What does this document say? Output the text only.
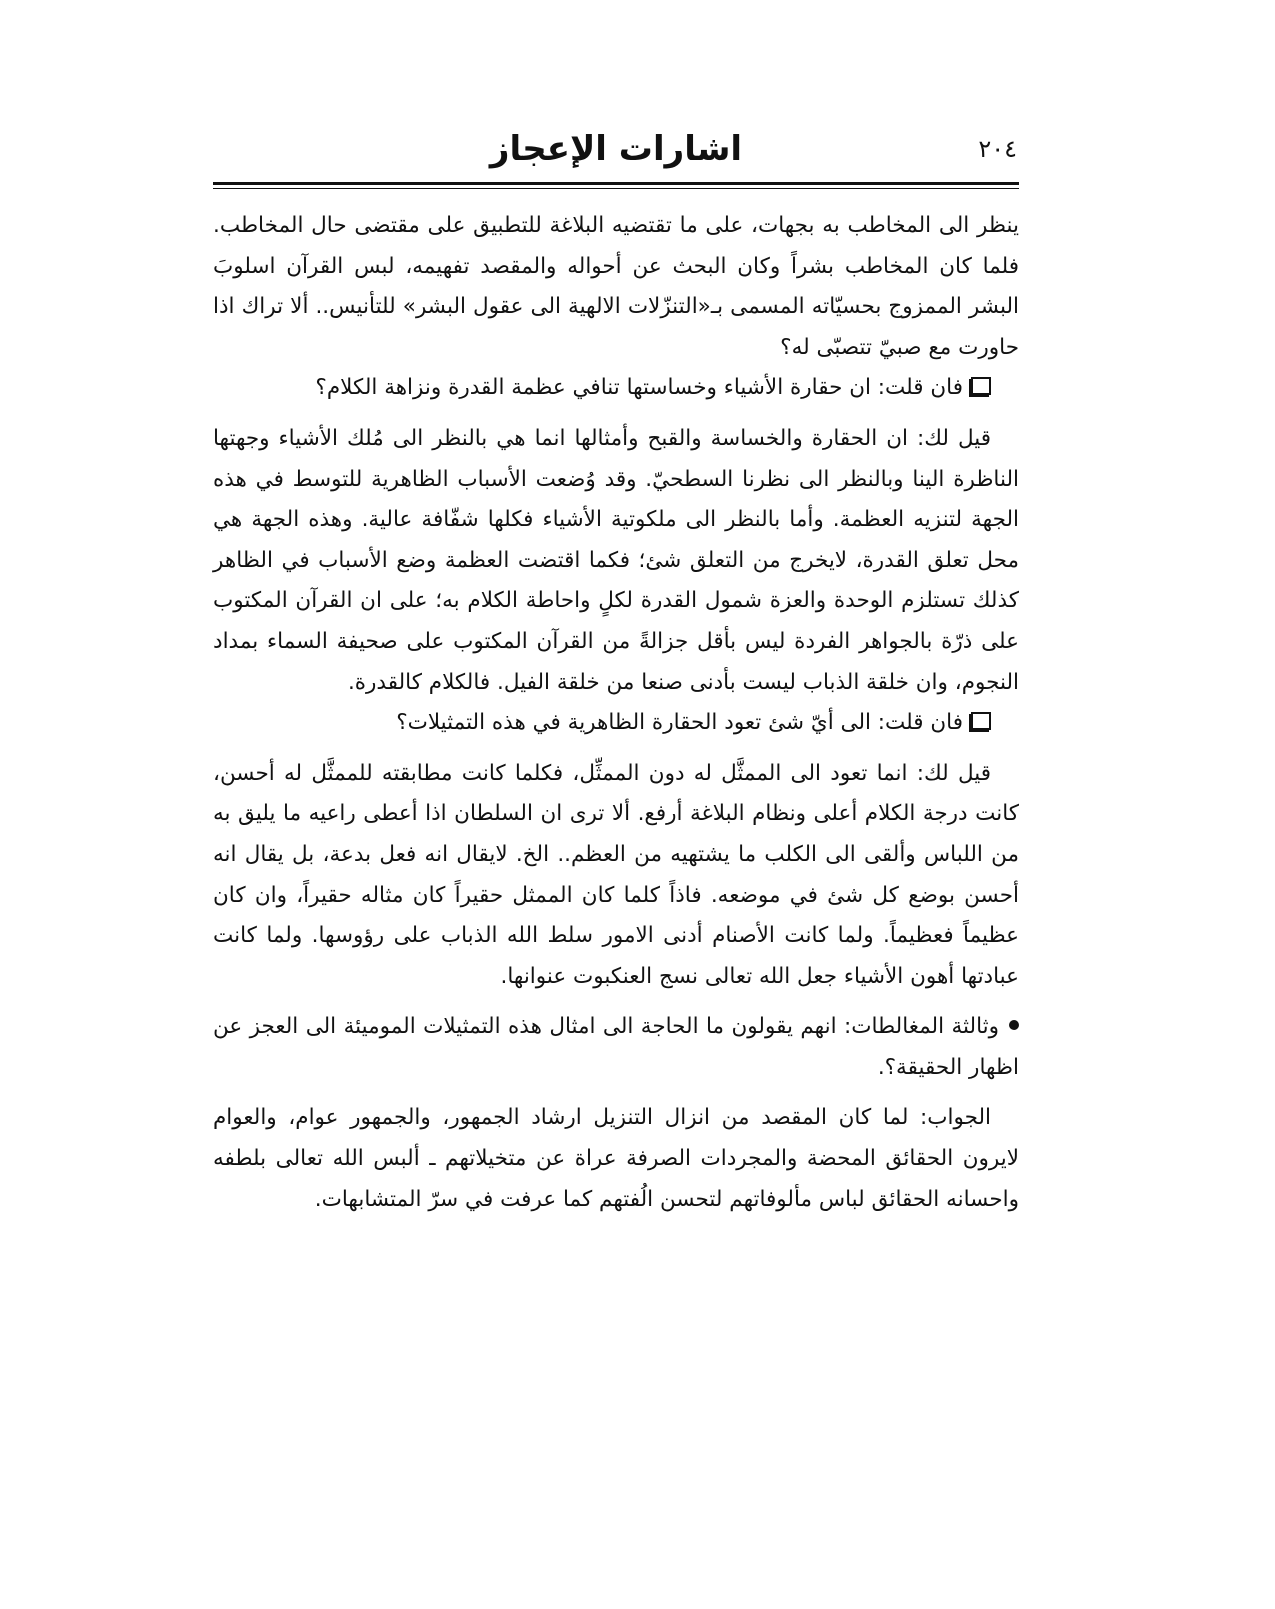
اشارات الإعجاز	٢٠٤

ينظر الى المخاطب به بجهات، على ما تقتضيه البلاغة للتطبيق على مقتضى حال المخاطب. فلما كان المخاطب بشراً وكان البحث عن أحواله والمقصد تفهيمه، لبس القرآن اسلوبَ البشر الممزوج بحسيّاته المسمى بـ«التنزّلات الالهية الى عقول البشر» للتأنيس.. ألا تراك اذا حاورت مع صبيّ تتصبّى له؟

فان قلت: ان حقارة الأشياء وخساستها تنافي عظمة القدرة ونزاهة الكلام؟

قيل لك: ان الحقارة والخساسة والقبح وأمثالها انما هي بالنظر الى مُلك الأشياء وجهتها الناظرة الينا وبالنظر الى نظرنا السطحيّ. وقد وُضعت الأسباب الظاهرية للتوسط في هذه الجهة لتنزيه العظمة. وأما بالنظر الى ملكوتية الأشياء فكلها شفّافة عالية. وهذه الجهة هي محل تعلق القدرة، لايخرج من التعلق شئ؛ فكما اقتضت العظمة وضع الأسباب في الظاهر كذلك تستلزم الوحدة والعزة شمول القدرة لكلٍ واحاطة الكلام به؛ على ان القرآن المكتوب على ذرّة بالجواهر الفردة ليس بأقل جزالةً من القرآن المكتوب على صحيفة السماء بمداد النجوم، وان خلقة الذباب ليست بأدنى صنعا من خلقة الفيل. فالكلام كالقدرة.

فان قلت: الى أيّ شئ تعود الحقارة الظاهرية في هذه التمثيلات؟

قيل لك: انما تعود الى الممثَّل له دون الممثِّل، فكلما كانت مطابقته للممثَّل له أحسن، كانت درجة الكلام أعلى ونظام البلاغة أرفع. ألا ترى ان السلطان اذا أعطى راعيه ما يليق به من اللباس وألقى الى الكلب ما يشتهيه من العظم.. الخ. لايقال انه فعل بدعة، بل يقال انه أحسن بوضع كل شئ في موضعه. فاذاً كلما كان الممثل حقيراً كان مثاله حقيراً، وان كان عظيماً فعظيماً. ولما كانت الأصنام أدنى الامور سلط الله الذباب على رؤوسها. ولما كانت عبادتها أهون الأشياء جعل الله تعالى نسج العنكبوت عنوانها.

وثالثة المغالطات: انهم يقولون ما الحاجة الى امثال هذه التمثيلات الموميئة الى العجز عن اظهار الحقيقة؟.

الجواب: لما كان المقصد من انزال التنزيل ارشاد الجمهور، والجمهور عوام، والعوام لايرون الحقائق المحضة والمجردات الصرفة عراة عن متخيلاتهم ـ ألبس الله تعالى بلطفه واحسانه الحقائق لباس مألوفاتهم لتحسن الُفتهم كما عرفت في سرّ المتشابهات.
